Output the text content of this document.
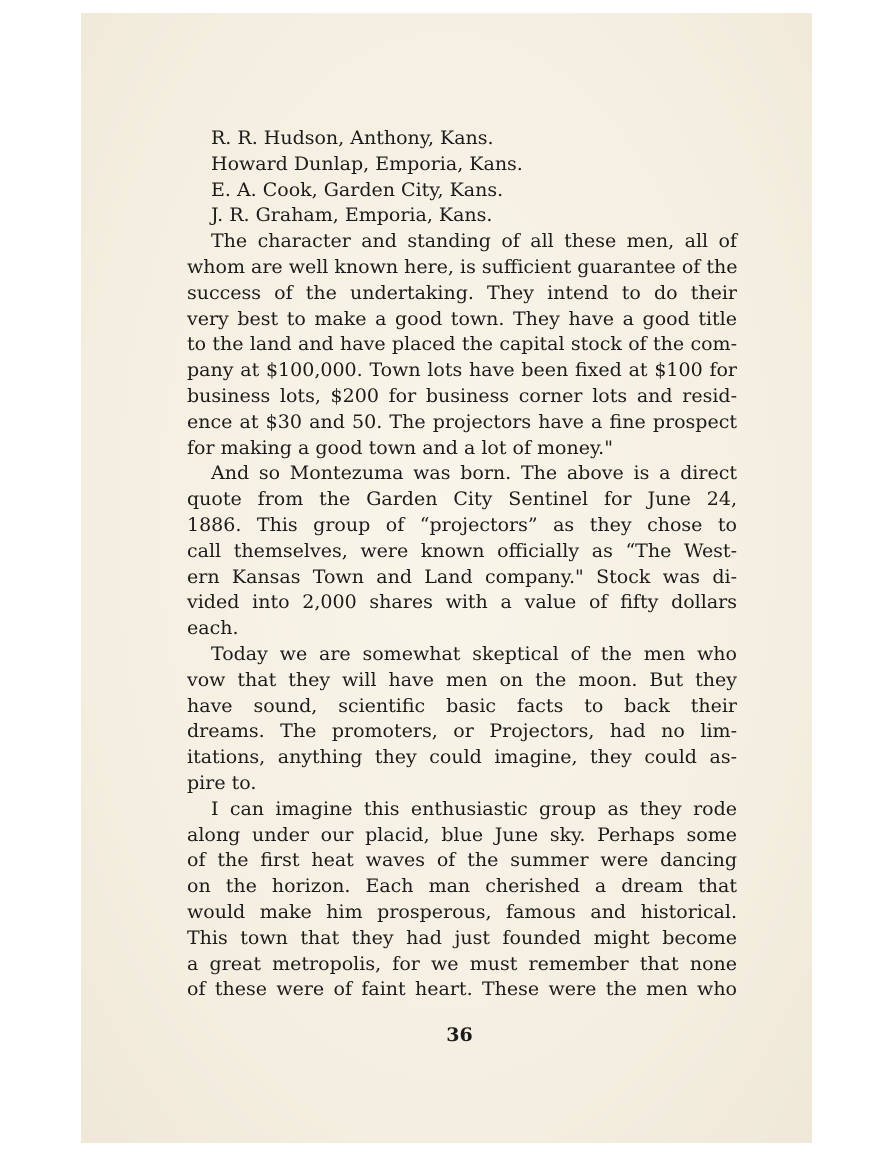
R. R. Hudson, Anthony, Kans.
Howard Dunlap, Emporia, Kans.
E. A. Cook, Garden City, Kans.
J. R. Graham, Emporia, Kans.
The character and standing of all these men, all of
whom are well known here, is sufficient guarantee of the
success of the undertaking. They intend to do their
very best to make a good town. They have a good title
to the land and have placed the capital stock of the com-
pany at $100,000. Town lots have been fixed at $100 for
business lots, $200 for business corner lots and resid-
ence at $30 and 50. The projectors have a fine prospect
for making a good town and a lot of money."
And so Montezuma was born. The above is a direct
quote from the Garden City Sentinel for June 24,
1886. This group of “projectors” as they chose to
call themselves, were known officially as “The West-
ern Kansas Town and Land company." Stock was di-
vided into 2,000 shares with a value of fifty dollars
each.
Today we are somewhat skeptical of the men who
vow that they will have men on the moon. But they
have sound, scientific basic facts to back their
dreams. The promoters, or Projectors, had no lim-
itations, anything they could imagine, they could as-
pire to.
I can imagine this enthusiastic group as they rode
along under our placid, blue June sky. Perhaps some
of the first heat waves of the summer were dancing
on the horizon. Each man cherished a dream that
would make him prosperous, famous and historical.
This town that they had just founded might become
a great metropolis, for we must remember that none
of these were of faint heart. These were the men who
36
